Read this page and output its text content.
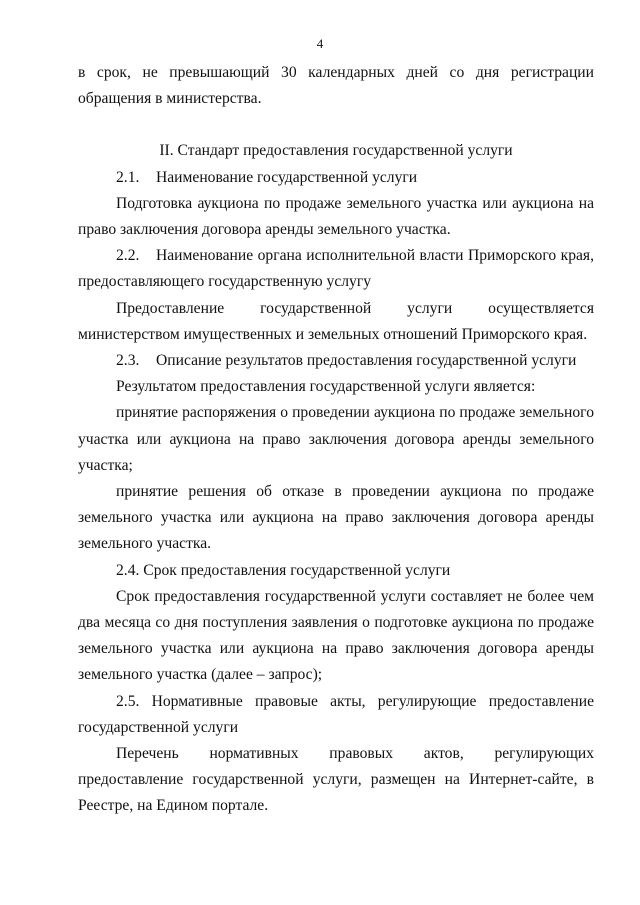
4

в срок, не превышающий 30 календарных дней со дня регистрации обращения в министерства.

II. Стандарт предоставления государственной услуги

2.1. Наименование государственной услуги

Подготовка аукциона по продаже земельного участка или аукциона на право заключения договора аренды земельного участка.

2.2. Наименование органа исполнительной власти Приморского края, предоставляющего государственную услугу

Предоставление государственной услуги осуществляется министерством имущественных и земельных отношений Приморского края.

2.3. Описание результатов предоставления государственной услуги

Результатом предоставления государственной услуги является:

принятие распоряжения о проведении аукциона по продаже земельного участка или аукциона на право заключения договора аренды земельного участка;

принятие решения об отказе в проведении аукциона по продаже земельного участка или аукциона на право заключения договора аренды земельного участка.

2.4. Срок предоставления государственной услуги

Срок предоставления государственной услуги составляет не более чем два месяца со дня поступления заявления о подготовке аукциона по продаже земельного участка или аукциона на право заключения договора аренды земельного участка (далее – запрос);

2.5. Нормативные правовые акты, регулирующие предоставление государственной услуги

Перечень нормативных правовых актов, регулирующих предоставление государственной услуги, размещен на Интернет-сайте, в Реестре, на Едином портале.
